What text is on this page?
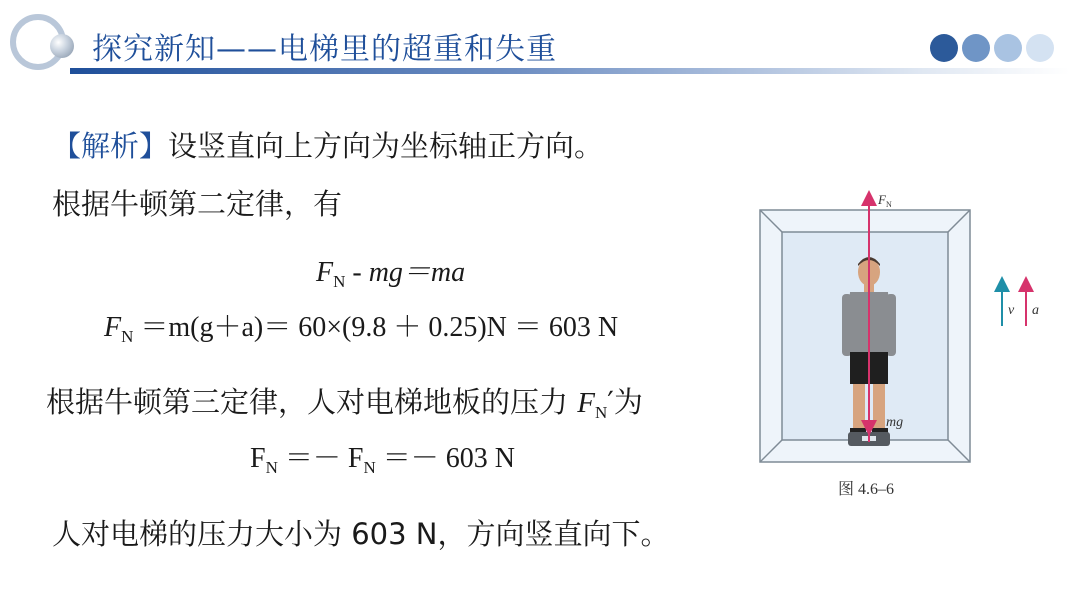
探究新知——电梯里的超重和失重

【解析】设竖直向上方向为坐标轴正方向。

根据牛顿第二定律，有

$F_N - mg=ma$

$F_N =m(g+a)= 60\times(9.8 + 0.25)N = 603$ N

根据牛顿第三定律，人对电梯地板的压力 $F_N'$为

$F_N =- F_N =- 603$ N

人对电梯的压力大小为 603 N，方向竖直向下。

$F_N$
mg
v a

图 4.6–6
